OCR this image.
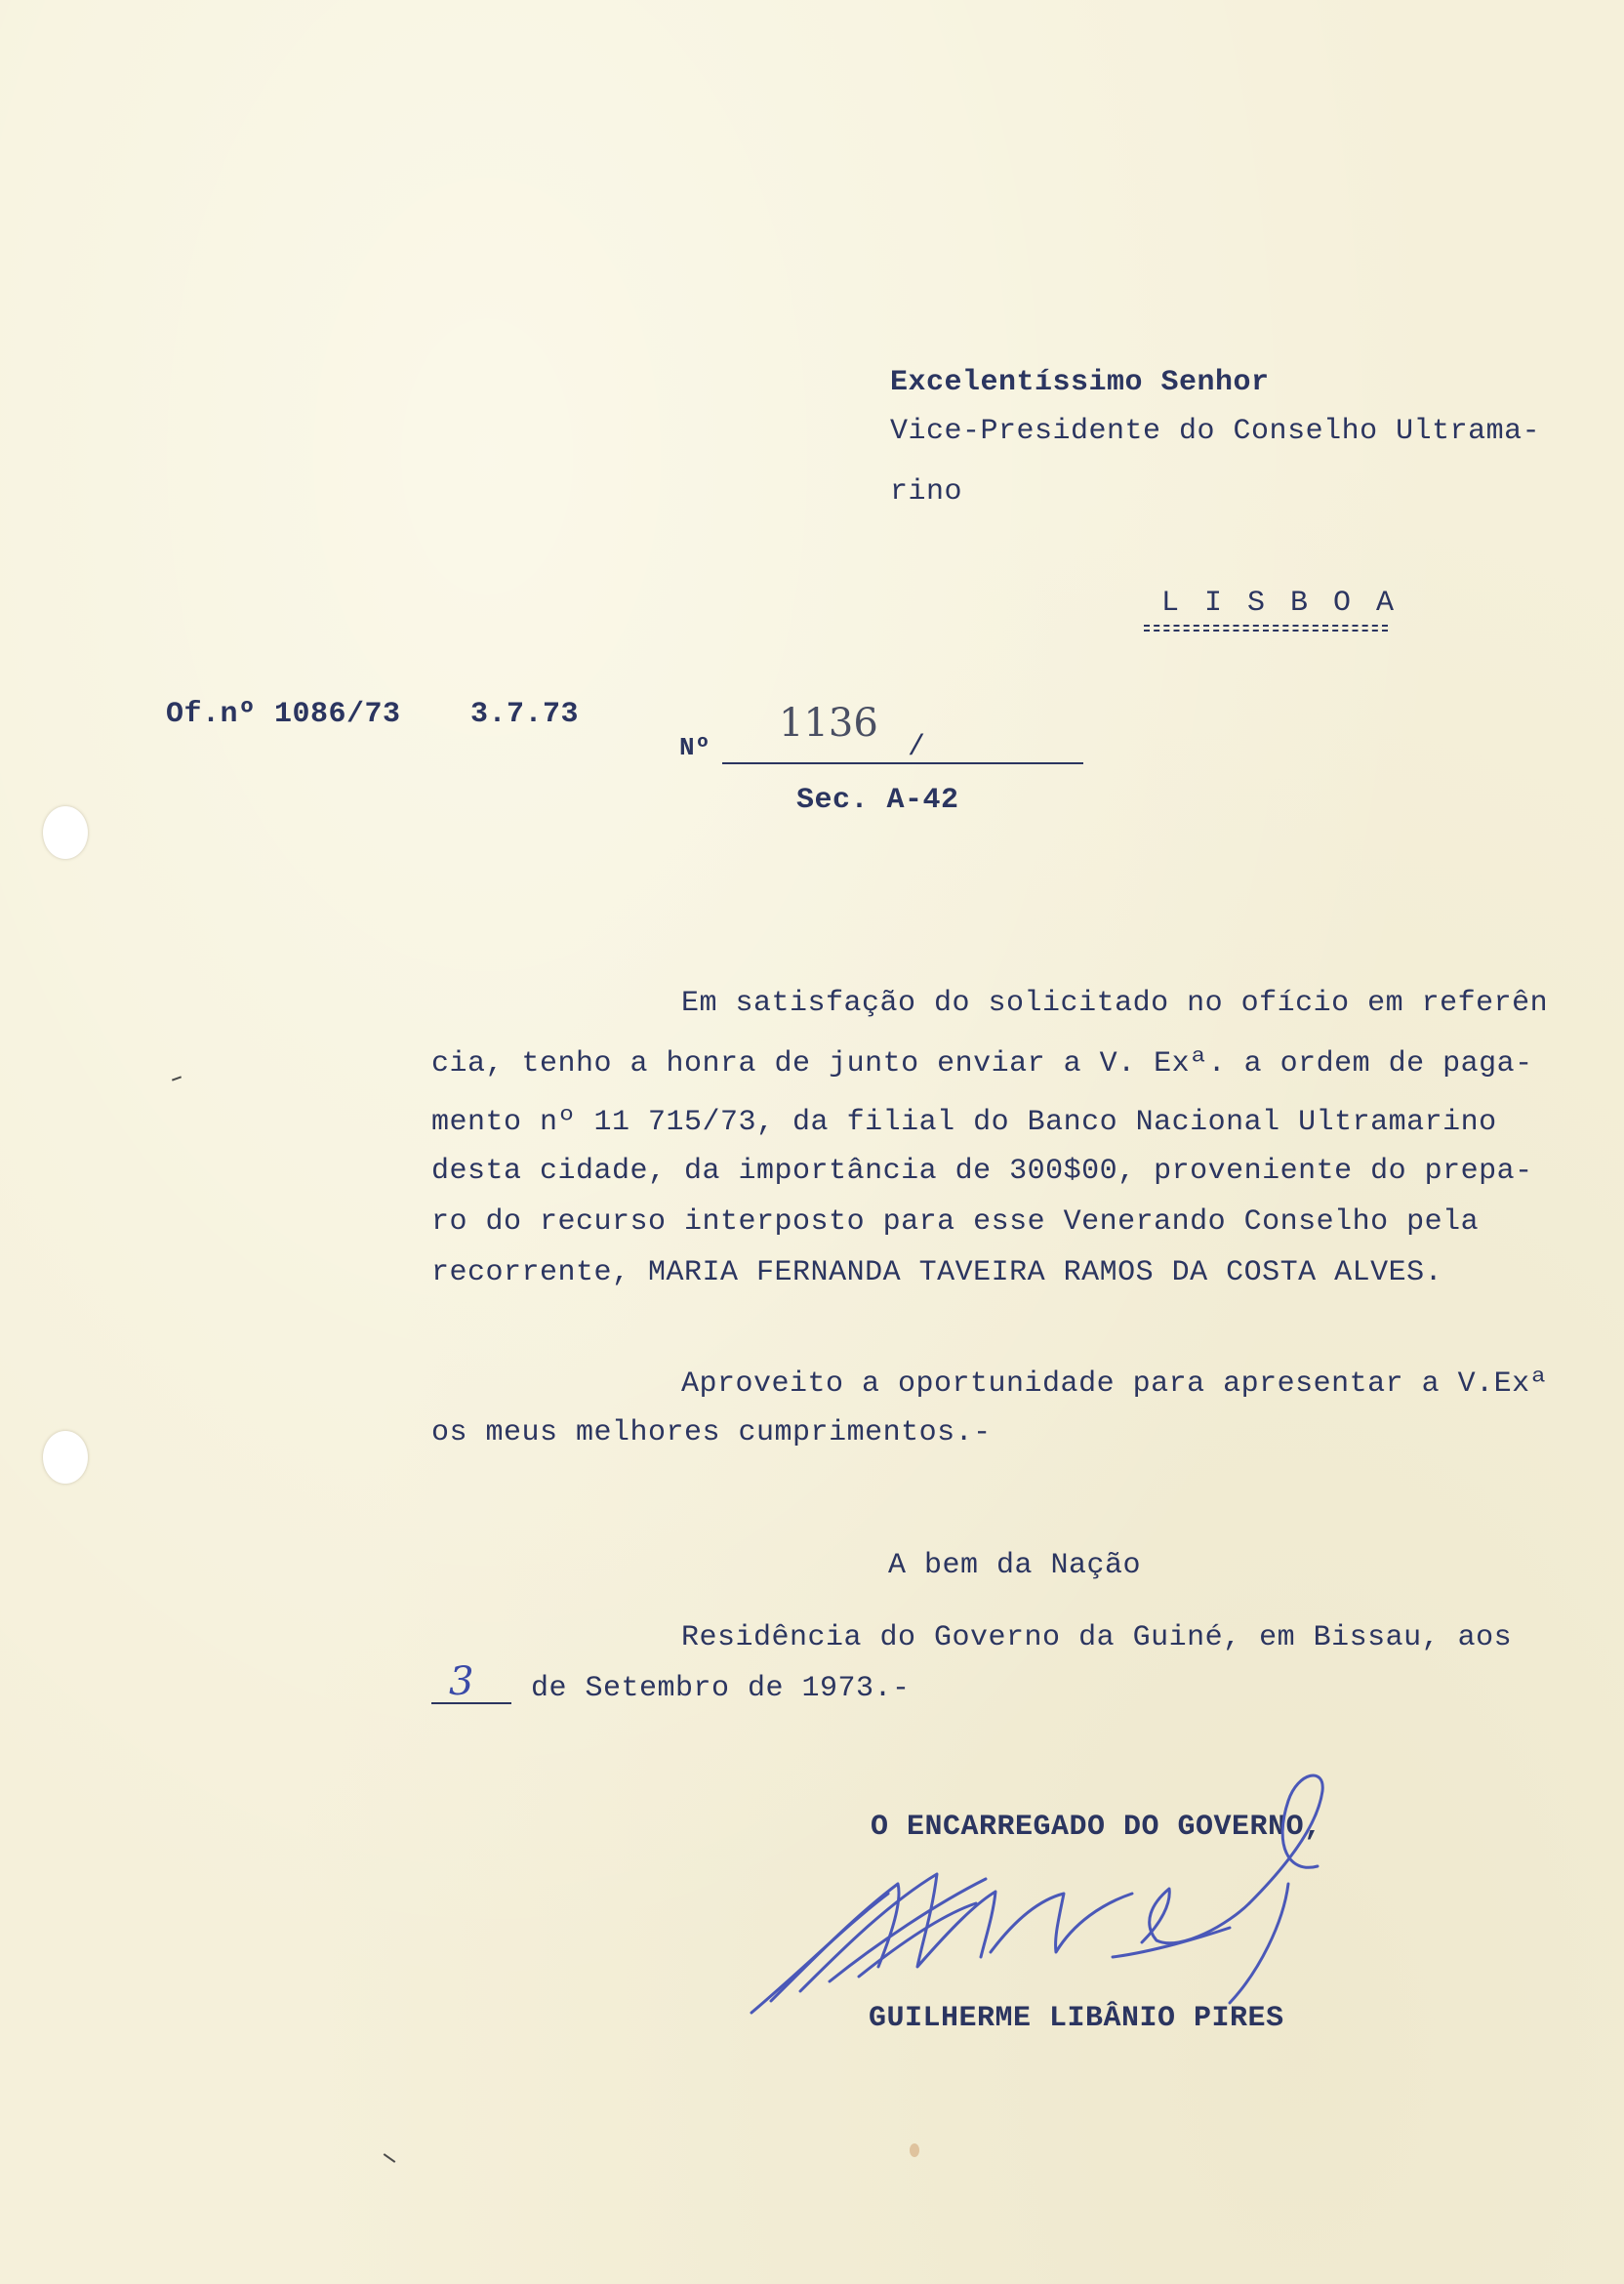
Excelentíssimo Senhor
Vice-Presidente do Conselho Ultrama-
rino
L I S B O A
Of.nº 1086/73 3.7.73
Nº
1136
/
Sec. A-42
Em satisfação do solicitado no ofício em referên
cia, tenho a honra de junto enviar a V. Exª. a ordem de paga-
mento nº 11 715/73, da filial do Banco Nacional Ultramarino
desta cidade, da importância de 300$00, proveniente do prepa-
ro do recurso interposto para esse Venerando Conselho pela
recorrente, MARIA FERNANDA TAVEIRA RAMOS DA COSTA ALVES.
Aproveito a oportunidade para apresentar a V.Exª
os meus melhores cumprimentos.-
A bem da Nação
Residência do Governo da Guiné, em Bissau, aos
3 de Setembro de 1973.-
O ENCARREGADO DO GOVERNO,
GUILHERME LIBÂNIO PIRES
